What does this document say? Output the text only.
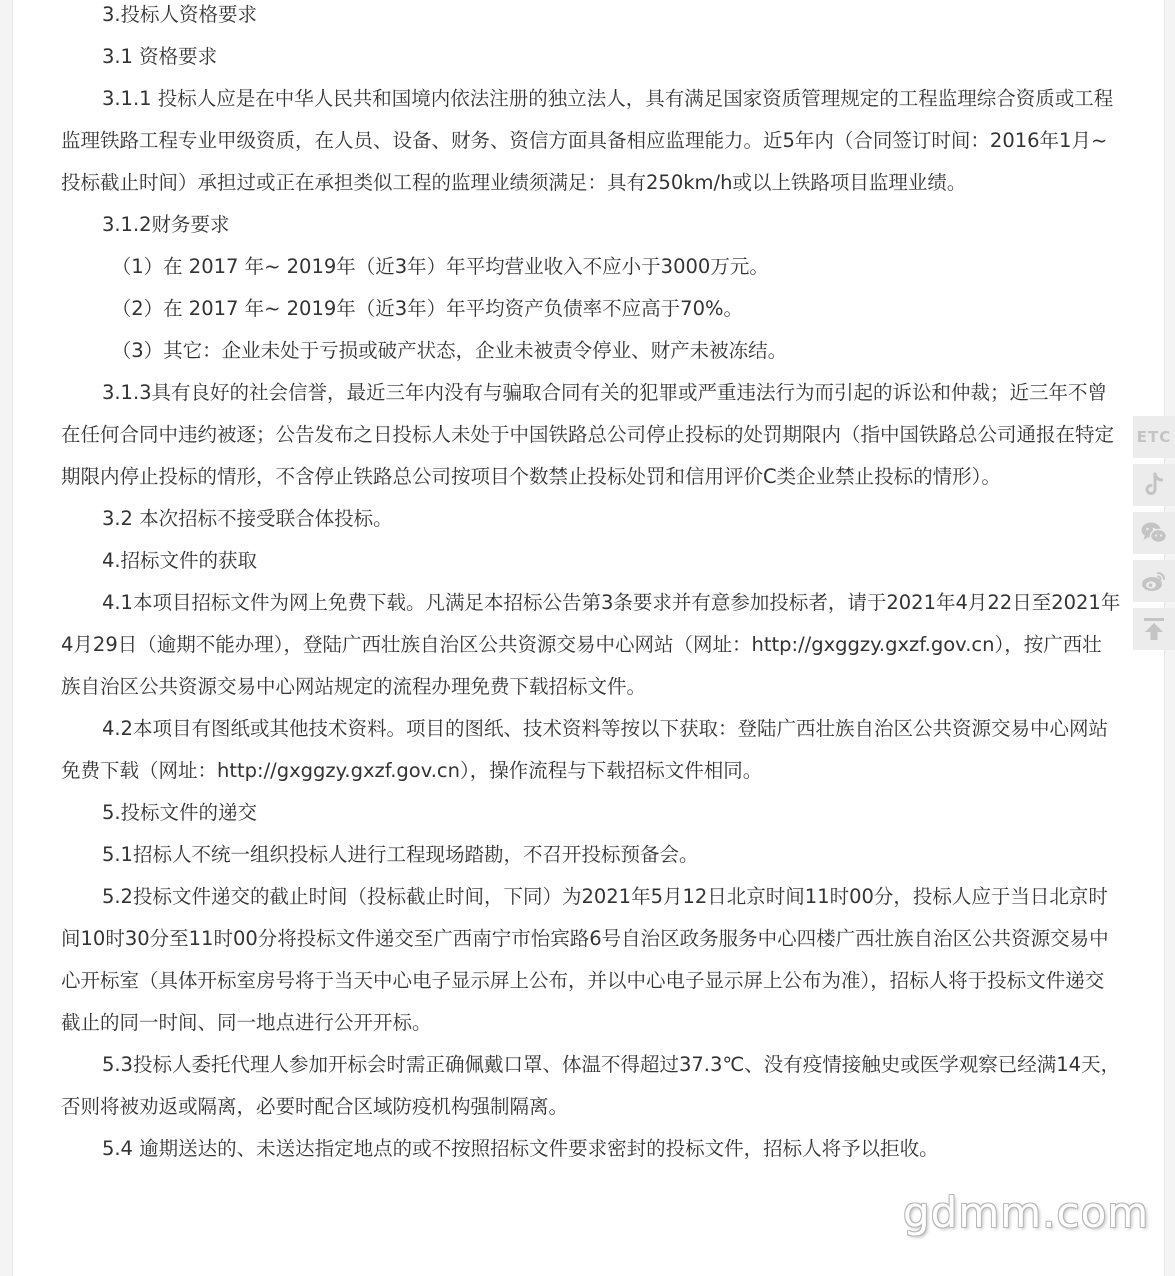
3.投标人资格要求

3.1 资格要求

3.1.1 投标人应是在中华人民共和国境内依法注册的独立法人，具有满足国家资质管理规定的工程监理综合资质或工程监理铁路工程专业甲级资质，在人员、设备、财务、资信方面具备相应监理能力。近5年内（合同签订时间：2016年1月~投标截止时间）承担过或正在承担类似工程的监理业绩须满足：具有250km/h或以上铁路项目监理业绩。

3.1.2财务要求

（1）在 2017 年~ 2019年（近3年）年平均营业收入不应小于3000万元。

（2）在 2017 年~ 2019年（近3年）年平均资产负债率不应高于70%。

（3）其它：企业未处于亏损或破产状态，企业未被责令停业、财产未被冻结。

3.1.3具有良好的社会信誉，最近三年内没有与骗取合同有关的犯罪或严重违法行为而引起的诉讼和仲裁；近三年不曾在任何合同中违约被逐；公告发布之日投标人未处于中国铁路总公司停止投标的处罚期限内（指中国铁路总公司通报在特定期限内停止投标的情形，不含停止铁路总公司按项目个数禁止投标处罚和信用评价C类企业禁止投标的情形）。

3.2 本次招标不接受联合体投标。

4.招标文件的获取

4.1本项目招标文件为网上免费下载。凡满足本招标公告第3条要求并有意参加投标者，请于2021年4月22日至2021年4月29日（逾期不能办理），登陆广西壮族自治区公共资源交易中心网站（网址：http://gxggzy.gxzf.gov.cn），按广西壮族自治区公共资源交易中心网站规定的流程办理免费下载招标文件。

4.2本项目有图纸或其他技术资料。项目的图纸、技术资料等按以下获取：登陆广西壮族自治区公共资源交易中心网站免费下载（网址：http://gxggzy.gxzf.gov.cn），操作流程与下载招标文件相同。

5.投标文件的递交

5.1招标人不统一组织投标人进行工程现场踏勘，不召开投标预备会。

5.2投标文件递交的截止时间（投标截止时间，下同）为2021年5月12日北京时间11时00分，投标人应于当日北京时间10时30分至11时00分将投标文件递交至广西南宁市怡宾路6号自治区政务服务中心四楼广西壮族自治区公共资源交易中心开标室（具体开标室房号将于当天中心电子显示屏上公布，并以中心电子显示屏上公布为准），招标人将于投标文件递交截止的同一时间、同一地点进行公开开标。

5.3投标人委托代理人参加开标会时需正确佩戴口罩、体温不得超过37.3℃、没有疫情接触史或医学观察已经满14天，否则将被劝返或隔离，必要时配合区域防疫机构强制隔离。

5.4 逾期送达的、未送达指定地点的或不按照招标文件要求密封的投标文件，招标人将予以拒收。

ETC
gdmm.com
